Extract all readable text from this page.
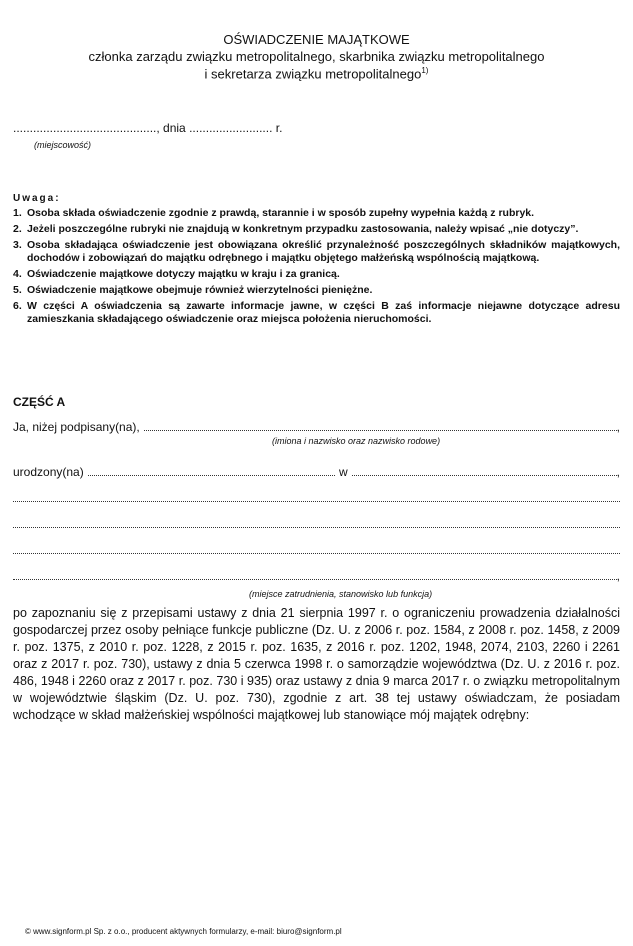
OŚWIADCZENIE MAJĄTKOWE
członka zarządu związku metropolitalnego, skarbnika związku metropolitalnego
i sekretarza związku metropolitalnego$^{1)}$
..........................................., dnia ......................... r.
(miejscowość)
Uwaga:
1. Osoba składa oświadczenie zgodnie z prawdą, starannie i w sposób zupełny wypełnia każdą z rubryk.
2. Jeżeli poszczególne rubryki nie znajdują w konkretnym przypadku zastosowania, należy wpisać „nie dotyczy”.
3. Osoba składająca oświadczenie jest obowiązana określić przynależność poszczególnych składników majątkowych, dochodów i zobowiązań do majątku odrębnego i majątku objętego małżeńską wspólnością majątkową.
4. Oświadczenie majątkowe dotyczy majątku w kraju i za granicą.
5. Oświadczenie majątkowe obejmuje również wierzytelności pieniężne.
6. W części A oświadczenia są zawarte informacje jawne, w części B zaś informacje niejawne dotyczące adresu zamieszkania składającego oświadczenie oraz miejsca położenia nieruchomości.
CZĘŚĆ A
Ja, niżej podpisany(na),	,
(imiona i nazwisko oraz nazwisko rodowe)
urodzony(na)	w	,
,
(miejsce zatrudnienia, stanowisko lub funkcja)
po zapoznaniu się z przepisami ustawy z dnia 21 sierpnia 1997 r. o ograniczeniu prowadzenia działalności gospodarczej przez osoby pełniące funkcje publiczne (Dz. U. z 2006 r. poz. 1584, z 2008 r. poz. 1458, z 2009 r. poz. 1375, z 2010 r. poz. 1228, z 2015 r. poz. 1635, z 2016 r. poz. 1202, 1948, 2074, 2103, 2260 i 2261 oraz z 2017 r. poz. 730), ustawy z dnia 5 czerwca 1998 r. o samorządzie województwa (Dz. U. z 2016 r. poz. 486, 1948 i 2260 oraz z 2017 r. poz. 730 i 935) oraz ustawy z dnia 9 marca 2017 r. o związku metropolitalnym w województwie śląskim (Dz. U. poz. 730), zgodnie z art. 38 tej ustawy oświadczam, że posiadam wchodzące w skład małżeńskiej wspólności majątkowej lub stanowiące mój majątek odrębny:
© www.signform.pl Sp. z o.o., producent aktywnych formularzy, e-mail: biuro@signform.pl
